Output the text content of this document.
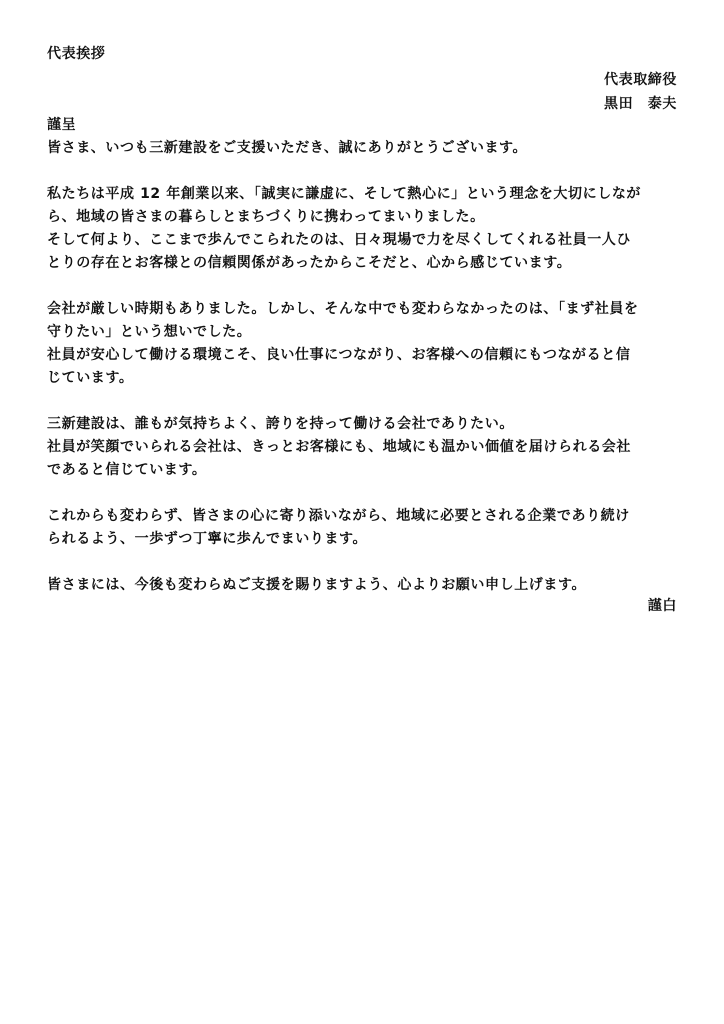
代表挨拶
代表取締役
黒田　泰夫
謹呈
皆さま、いつも三新建設をご支援いただき、誠にありがとうございます。
私たちは平成 12 年創業以来、「誠実に謙虚に、そして熱心に」という理念を大切にしなが
ら、地域の皆さまの暮らしとまちづくりに携わってまいりました。
そして何より、ここまで歩んでこられたのは、日々現場で力を尽くしてくれる社員一人ひ
とりの存在とお客様との信頼関係があったからこそだと、心から感じています。
会社が厳しい時期もありました。しかし、そんな中でも変わらなかったのは、「まず社員を
守りたい」という想いでした。
社員が安心して働ける環境こそ、良い仕事につながり、お客様への信頼にもつながると信
じています。
三新建設は、誰もが気持ちよく、誇りを持って働ける会社でありたい。
社員が笑顔でいられる会社は、きっとお客様にも、地域にも温かい価値を届けられる会社
であると信じています。
これからも変わらず、皆さまの心に寄り添いながら、地域に必要とされる企業であり続け
られるよう、一歩ずつ丁寧に歩んでまいります。
皆さまには、今後も変わらぬご支援を賜りますよう、心よりお願い申し上げます。
謹白
